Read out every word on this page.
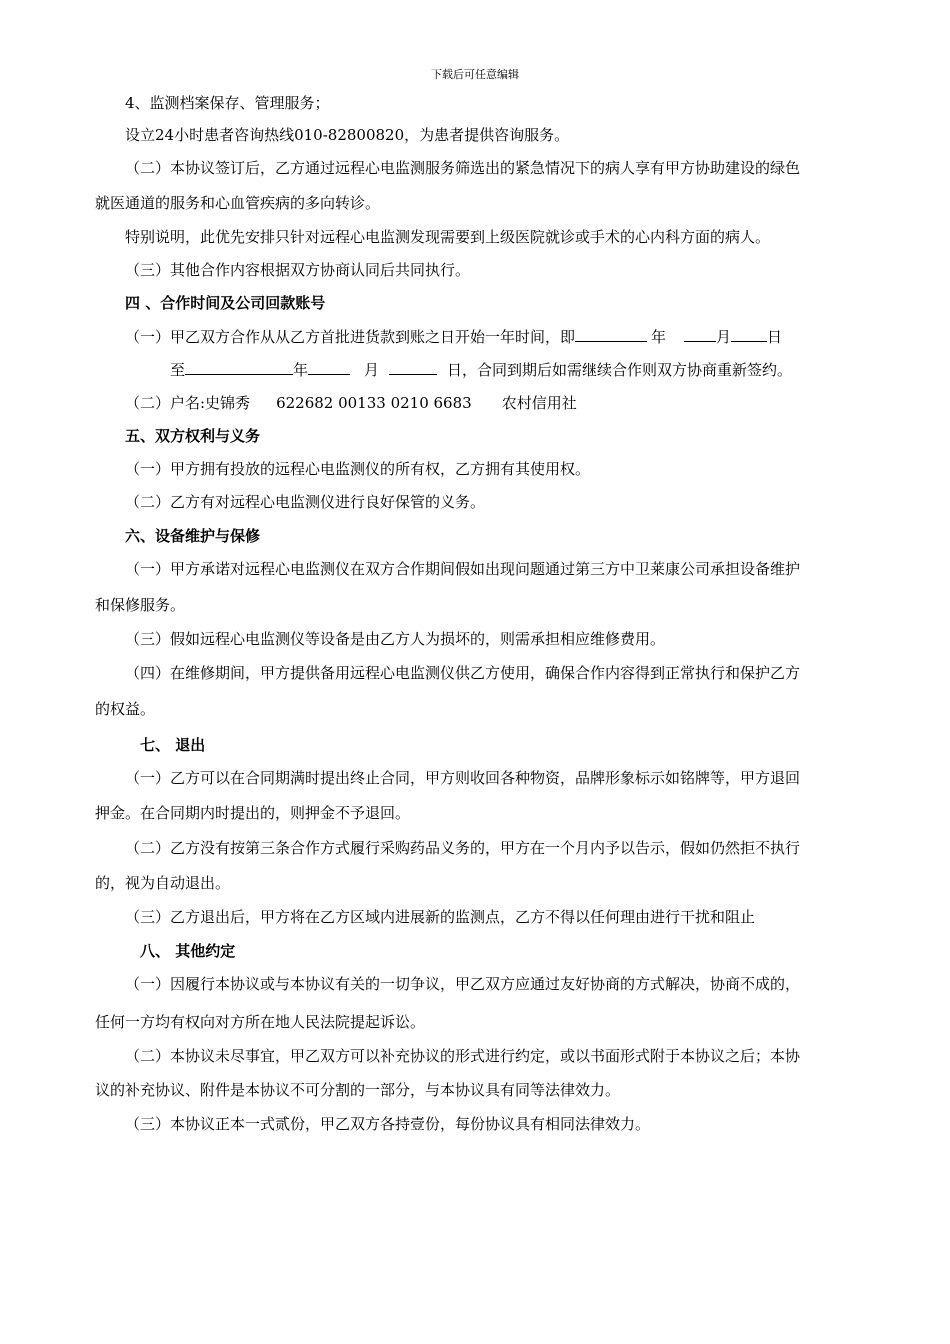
下载后可任意编辑
4、监测档案保存、管理服务；
设立24小时患者咨询热线010-82800820，为患者提供咨询服务。
（二）本协议签订后，乙方通过远程心电监测服务筛选出的紧急情况下的病人享有甲方协助建设的绿色
就医通道的服务和心血管疾病的多向转诊。
特别说明，此优先安排只针对远程心电监测发现需要到上级医院就诊或手术的心内科方面的病人。
（三）其他合作内容根据双方协商认同后共同执行。
四 、合作时间及公司回款账号
（一）甲乙双方合作从从乙方首批进货款到账之日开始一年时间，即	年	月 日
至	年	月	日，合同到期后如需继续合作则双方协商重新签约。
（二）户名:史锦秀 622682 00133 0210 6683 农村信用社
五、双方权利与义务
（一）甲方拥有投放的远程心电监测仪的所有权，乙方拥有其使用权。
（二）乙方有对远程心电监测仪进行良好保管的义务。
六、设备维护与保修
（一）甲方承诺对远程心电监测仪在双方合作期间假如出现问题通过第三方中卫莱康公司承担设备维护
和保修服务。
（三）假如远程心电监测仪等设备是由乙方人为损坏的，则需承担相应维修费用。
（四）在维修期间，甲方提供备用远程心电监测仪供乙方使用，确保合作内容得到正常执行和保护乙方
的权益。
七、 退出
（一）乙方可以在合同期满时提出终止合同，甲方则收回各种物资，品牌形象标示如铭牌等，甲方退回
押金。在合同期内时提出的，则押金不予退回。
（二）乙方没有按第三条合作方式履行采购药品义务的，甲方在一个月内予以告示，假如仍然拒不执行
的，视为自动退出。
（三）乙方退出后，甲方将在乙方区域内进展新的监测点，乙方不得以任何理由进行干扰和阻止
八、 其他约定
（一）因履行本协议或与本协议有关的一切争议，甲乙双方应通过友好协商的方式解决，协商不成的，
任何一方均有权向对方所在地人民法院提起诉讼。
（二）本协议未尽事宜，甲乙双方可以补充协议的形式进行约定，或以书面形式附于本协议之后；本协
议的补充协议、附件是本协议不可分割的一部分，与本协议具有同等法律效力。
（三）本协议正本一式贰份，甲乙双方各持壹份，每份协议具有相同法律效力。
